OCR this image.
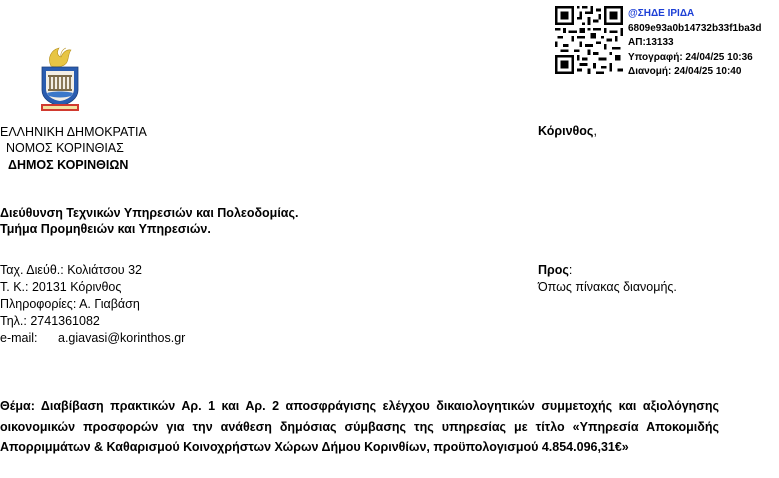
@ΣΗΔΕ ΙΡΙΔΑ
6809e93a0b14732b33f1ba3d
ΑΠ:13133
Υπογραφή: 24/04/25 10:36
Διανομή: 24/04/25 10:40
ΕΛΛΗΝΙΚΗ ΔΗΜΟΚΡΑΤΙΑ
ΝΟΜΟΣ ΚΟΡΙΝΘΙΑΣ
ΔΗΜΟΣ ΚΟΡΙΝΘΙΩΝ
Κόρινθος,
Διεύθυνση Τεχνικών Υπηρεσιών και Πολεοδομίας.
Τμήμα Προμηθειών και Υπηρεσιών.
Ταχ. Διεύθ.: Κολιάτσου 32
Τ. Κ.: 20131 Κόρινθος
Πληροφορίες: Α. Γιαβάση
Τηλ.: 2741361082
e-mail: a.giavasi@korinthos.gr
Προς:
Όπως πίνακας διανομής.
Θέμα: Διαβίβαση πρακτικών Αρ. 1 και Αρ. 2 αποσφράγισης ελέγχου δικαιολογητικών συμμετοχής και αξιολόγησης οικονομικών προσφορών για την ανάθεση δημόσιας σύμβασης της υπηρεσίας με τίτλο «Υπηρεσία Αποκομιδής Απορριμμάτων & Καθαρισμού Κοινοχρήστων Χώρων Δήμου Κορινθίων, προϋπολογισμού 4.854.096,31€»
